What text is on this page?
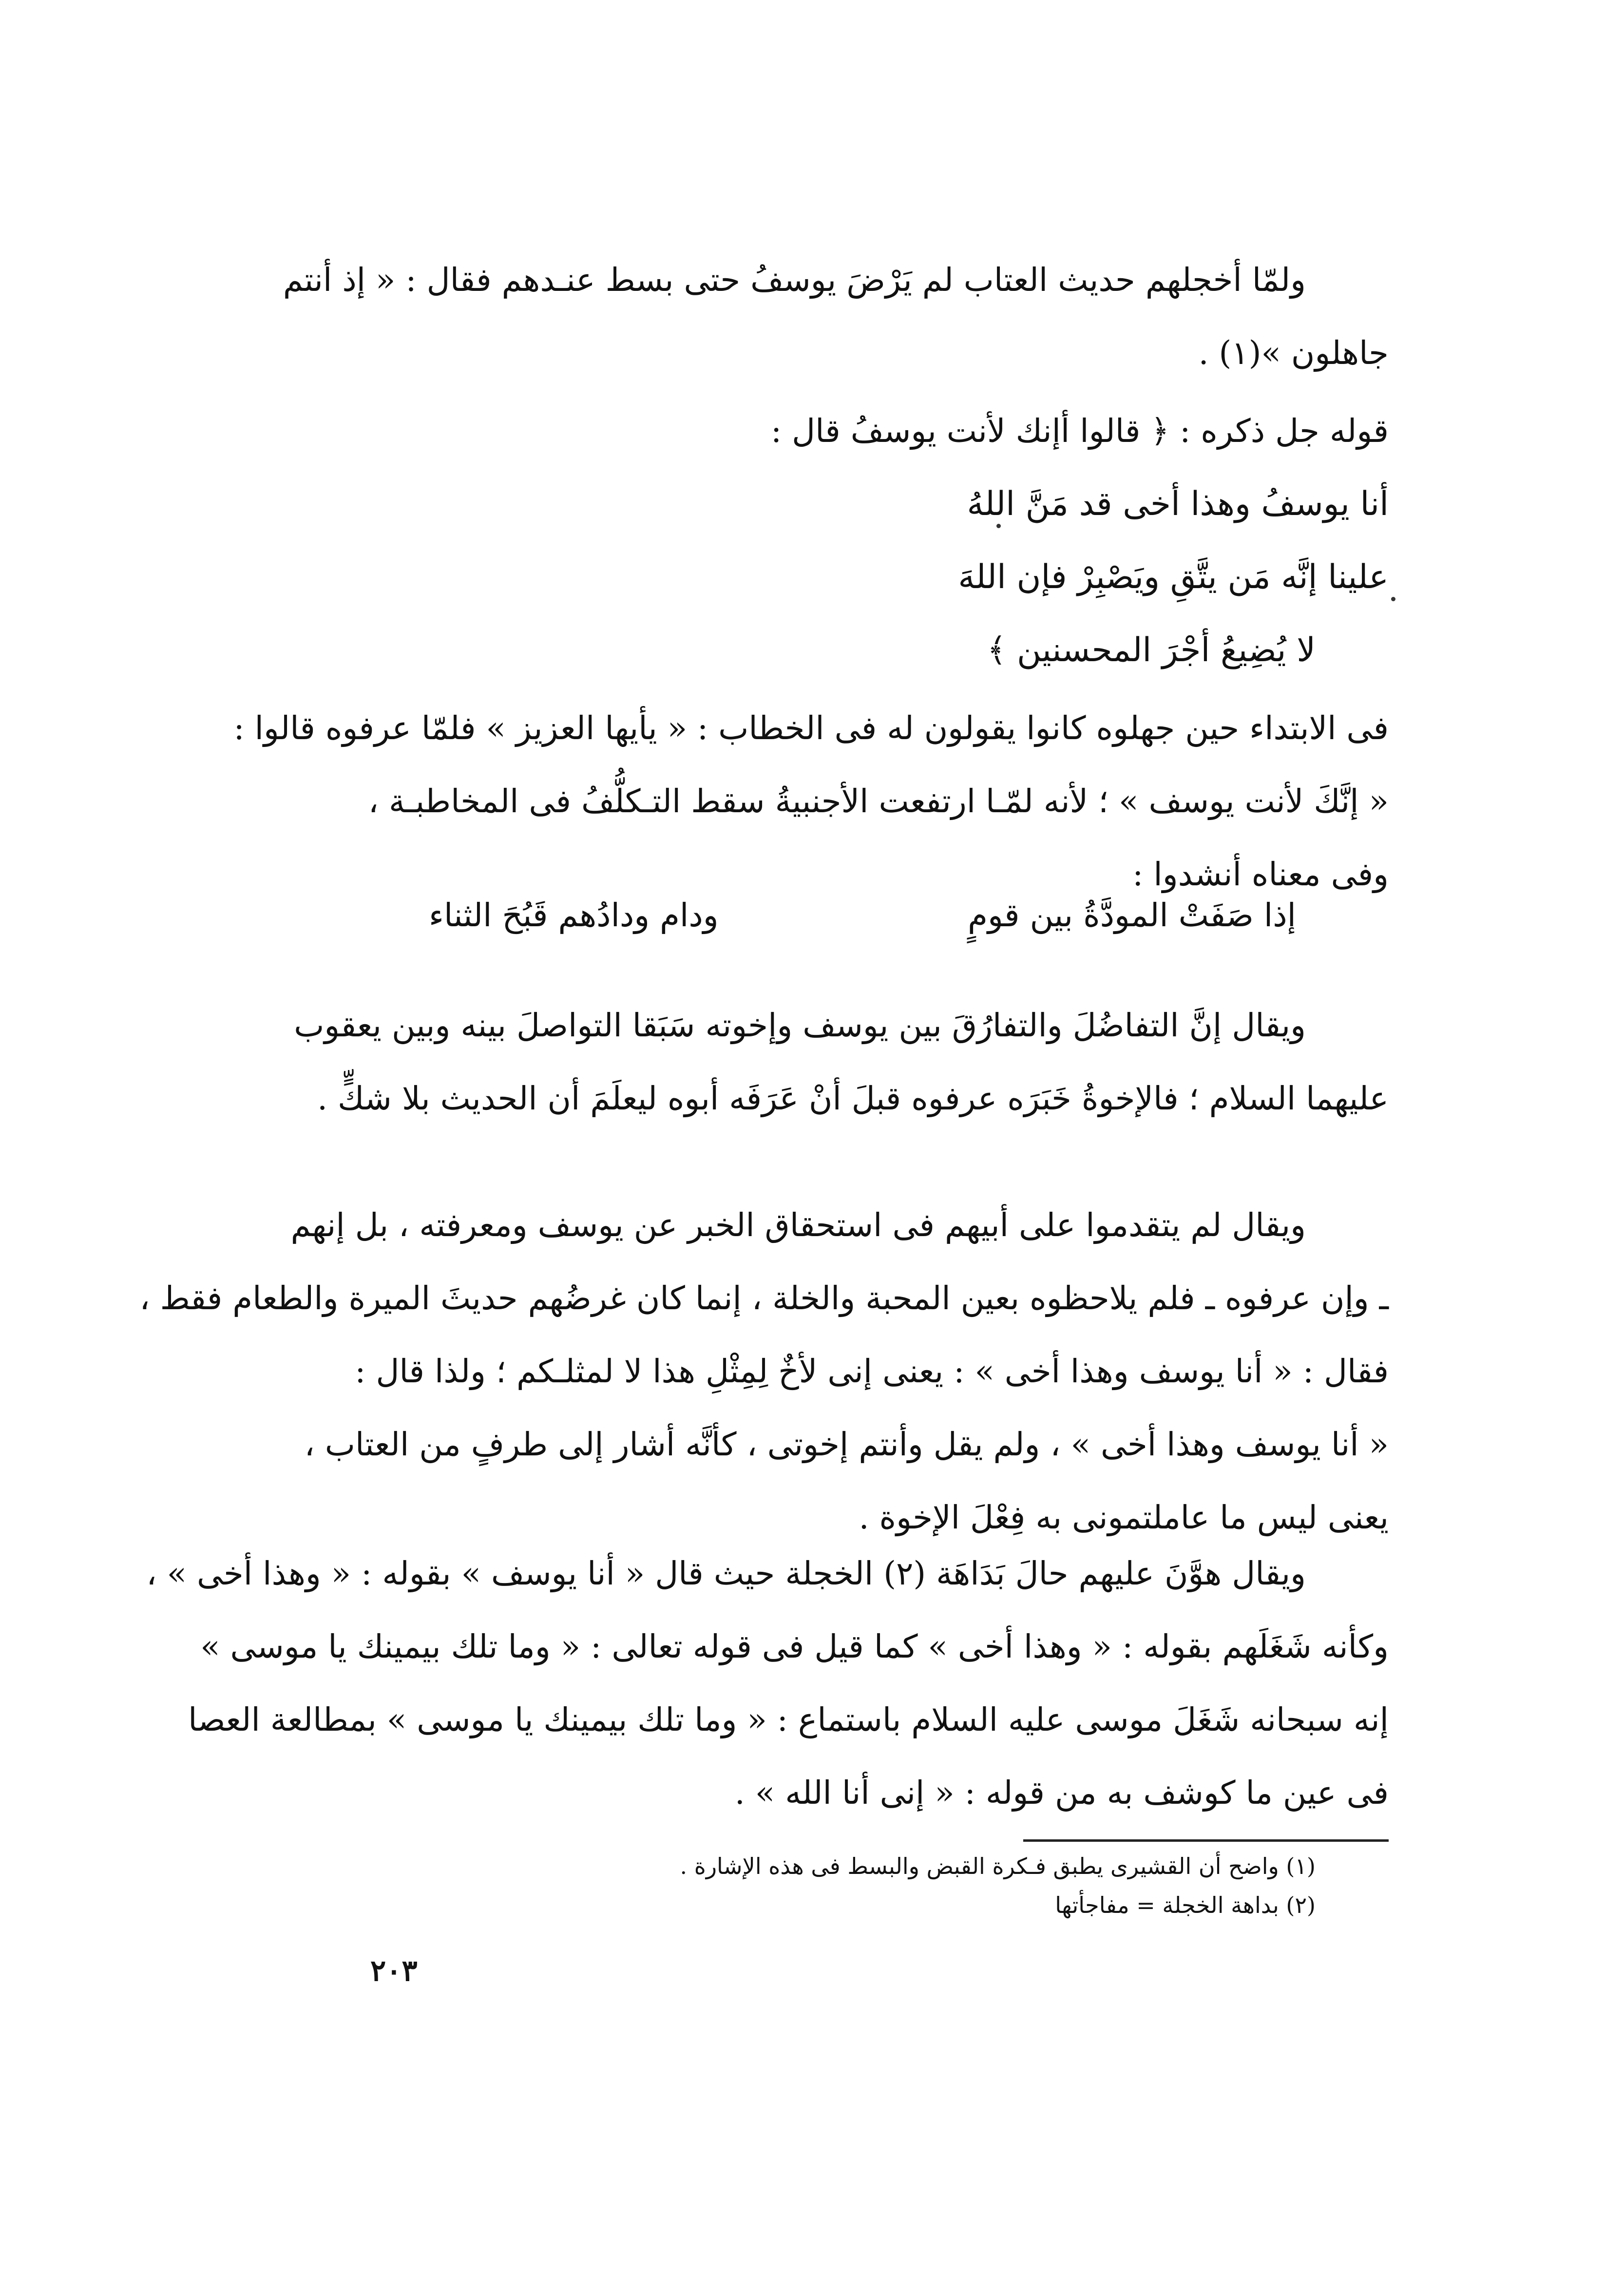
ولمّا أخجلهم حديث العتاب لم يَرْضَ يوسفُ حتى بسط عنـدهم فقال : « إذ أنتم
جاهلون »(١) .
قوله جل ذكره : ﴿ قالوا أإنك لأنت يوسفُ قال :
أنا يوسفُ وهذا أخى قد مَنَّ اللهُ
علينا إنَّه مَن يتَّقِ ويَصْبِرْ فإن اللهَ
لا يُضِيعُ أجْرَ المحسنين ﴾
فى الابتداء حين جهلوه كانوا يقولون له فى الخطاب : « يأيها العزيز » فلمّا عرفوه قالوا :
« إنَّكَ لأنت يوسف » ؛ لأنه لمّـا ارتفعت الأجنبيةُ سقط التـكلُّفُ فى المخاطبـة ،
وفى معناه أنشدوا :
إذا صَفَتْ المودَّةُ بين قومٍ
ودام ودادُهم قَبُحَ الثناء
ويقال إنَّ التفاضُلَ والتفارُقَ بين يوسف وإخوته سَبَقا التواصلَ بينه وبين يعقوب
عليهما السلام ؛ فالإخوةُ خَبَرَه عرفوه قبلَ أنْ عَرَفَه أبوه ليعلَمَ أن الحديث بلا شكٍّ .
ويقال لم يتقدموا على أبيهم فى استحقاق الخبر عن يوسف ومعرفته ، بل إنهم
ـ وإن عرفوه ـ فلم يلاحظوه بعين المحبة والخلة ، إنما كان غرضُهم حديثَ الميرة والطعام فقط ،
فقال : « أنا يوسف وهذا أخى » : يعنى إنى لأخٌ لِمِثْلِ هذا لا لمثلـكم ؛ ولذا قال :
« أنا يوسف وهذا أخى » ، ولم يقل وأنتم إخوتى ، كأنَّه أشار إلى طرفٍ من العتاب ،
يعنى ليس ما عاملتمونى به فِعْلَ الإخوة .
ويقال هوَّنَ عليهم حالَ بَدَاهَة (٢) الخجلة حيث قال « أنا يوسف » بقوله : « وهذا أخى » ،
وكأنه شَغَلَهم بقوله : « وهذا أخى » كما قيل فى قوله تعالى : « وما تلك بيمينك يا موسى »
إنه سبحانه شَغَلَ موسى عليه السلام باستماع : « وما تلك بيمينك يا موسى » بمطالعة العصا
فى عين ما كوشف به من قوله : « إنى أنا الله » .
(١) واضح أن القشيرى يطبق فـكرة القبض والبسط فى هذه الإشارة .
(٢) بداهة الخجلة = مفاجأتها
٢٠٣
